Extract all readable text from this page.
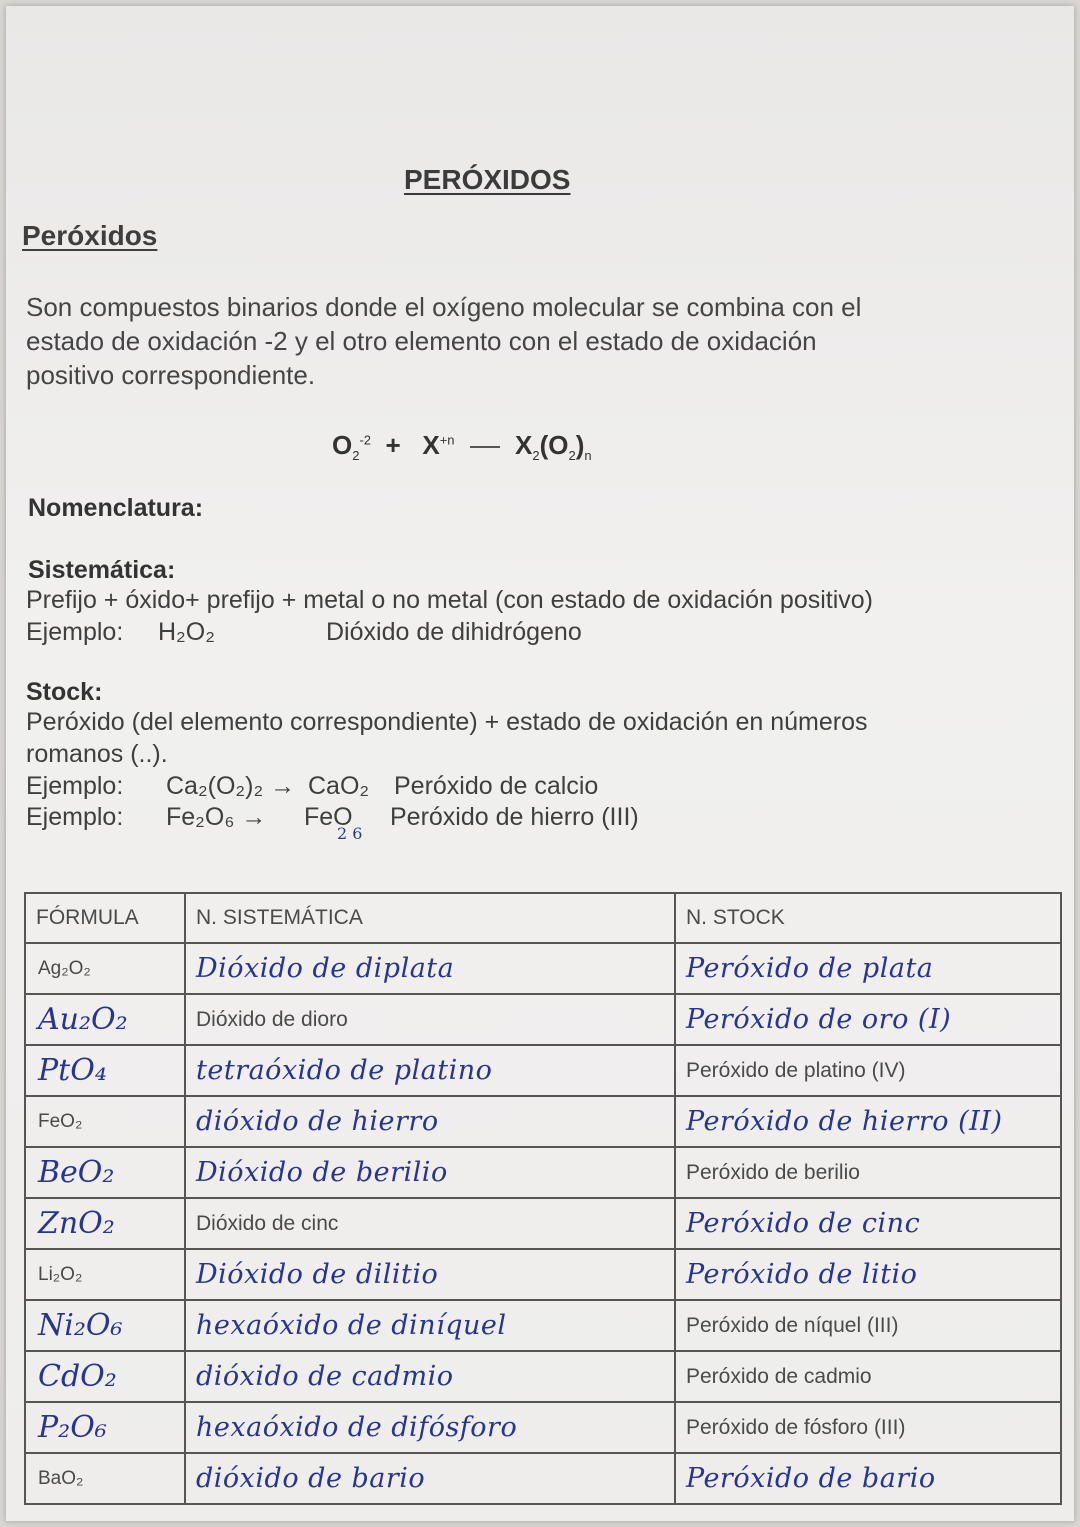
PERÓXIDOS
Peróxidos

Son compuestos binarios donde el oxígeno molecular se combina con el

estado de oxidación -2 y el otro elemento con el estado de oxidación

positivo correspondiente.

$O_2^{-2} + X^{+n}$ $X_2(O_2)_n$
Nomenclatura:
Sistemática:
Prefijo + óxido+ prefijo + metal o no metal (con estado de oxidación positivo)
Ejemplo: H₂O₂	Dióxido de dihidrógeno
Stock:
Peróxido (del elemento correspondiente) + estado de oxidación en números
romanos (..).
Ejemplo: Ca₂(O₂)₂ → CaO₂ Peróxido de calcio
Ejemplo: Fe₂O₆ → FeO
2 6
Peróxido de hierro (III)
FÓRMULA	N. SISTEMÁTICA	N. STOCK
Ag₂O₂	Dióxido de diplata	Peróxido de plata
Au₂O₂	Dióxido de dioro	Peróxido de oro (I)
PtO₄	tetraóxido de platino	Peróxido de platino (IV)
FeO₂	dióxido de hierro	Peróxido de hierro (II)
BeO₂	Dióxido de berilio	Peróxido de berilio
ZnO₂	Dióxido de cinc	Peróxido de cinc
Li₂O₂	Dióxido de dilitio	Peróxido de litio
Ni₂O₆	hexaóxido de diníquel	Peróxido de níquel (III)
CdO₂	dióxido de cadmio	Peróxido de cadmio
P₂O₆	hexaóxido de difósforo	Peróxido de fósforo (III)
BaO₂	dióxido de bario	Peróxido de bario
